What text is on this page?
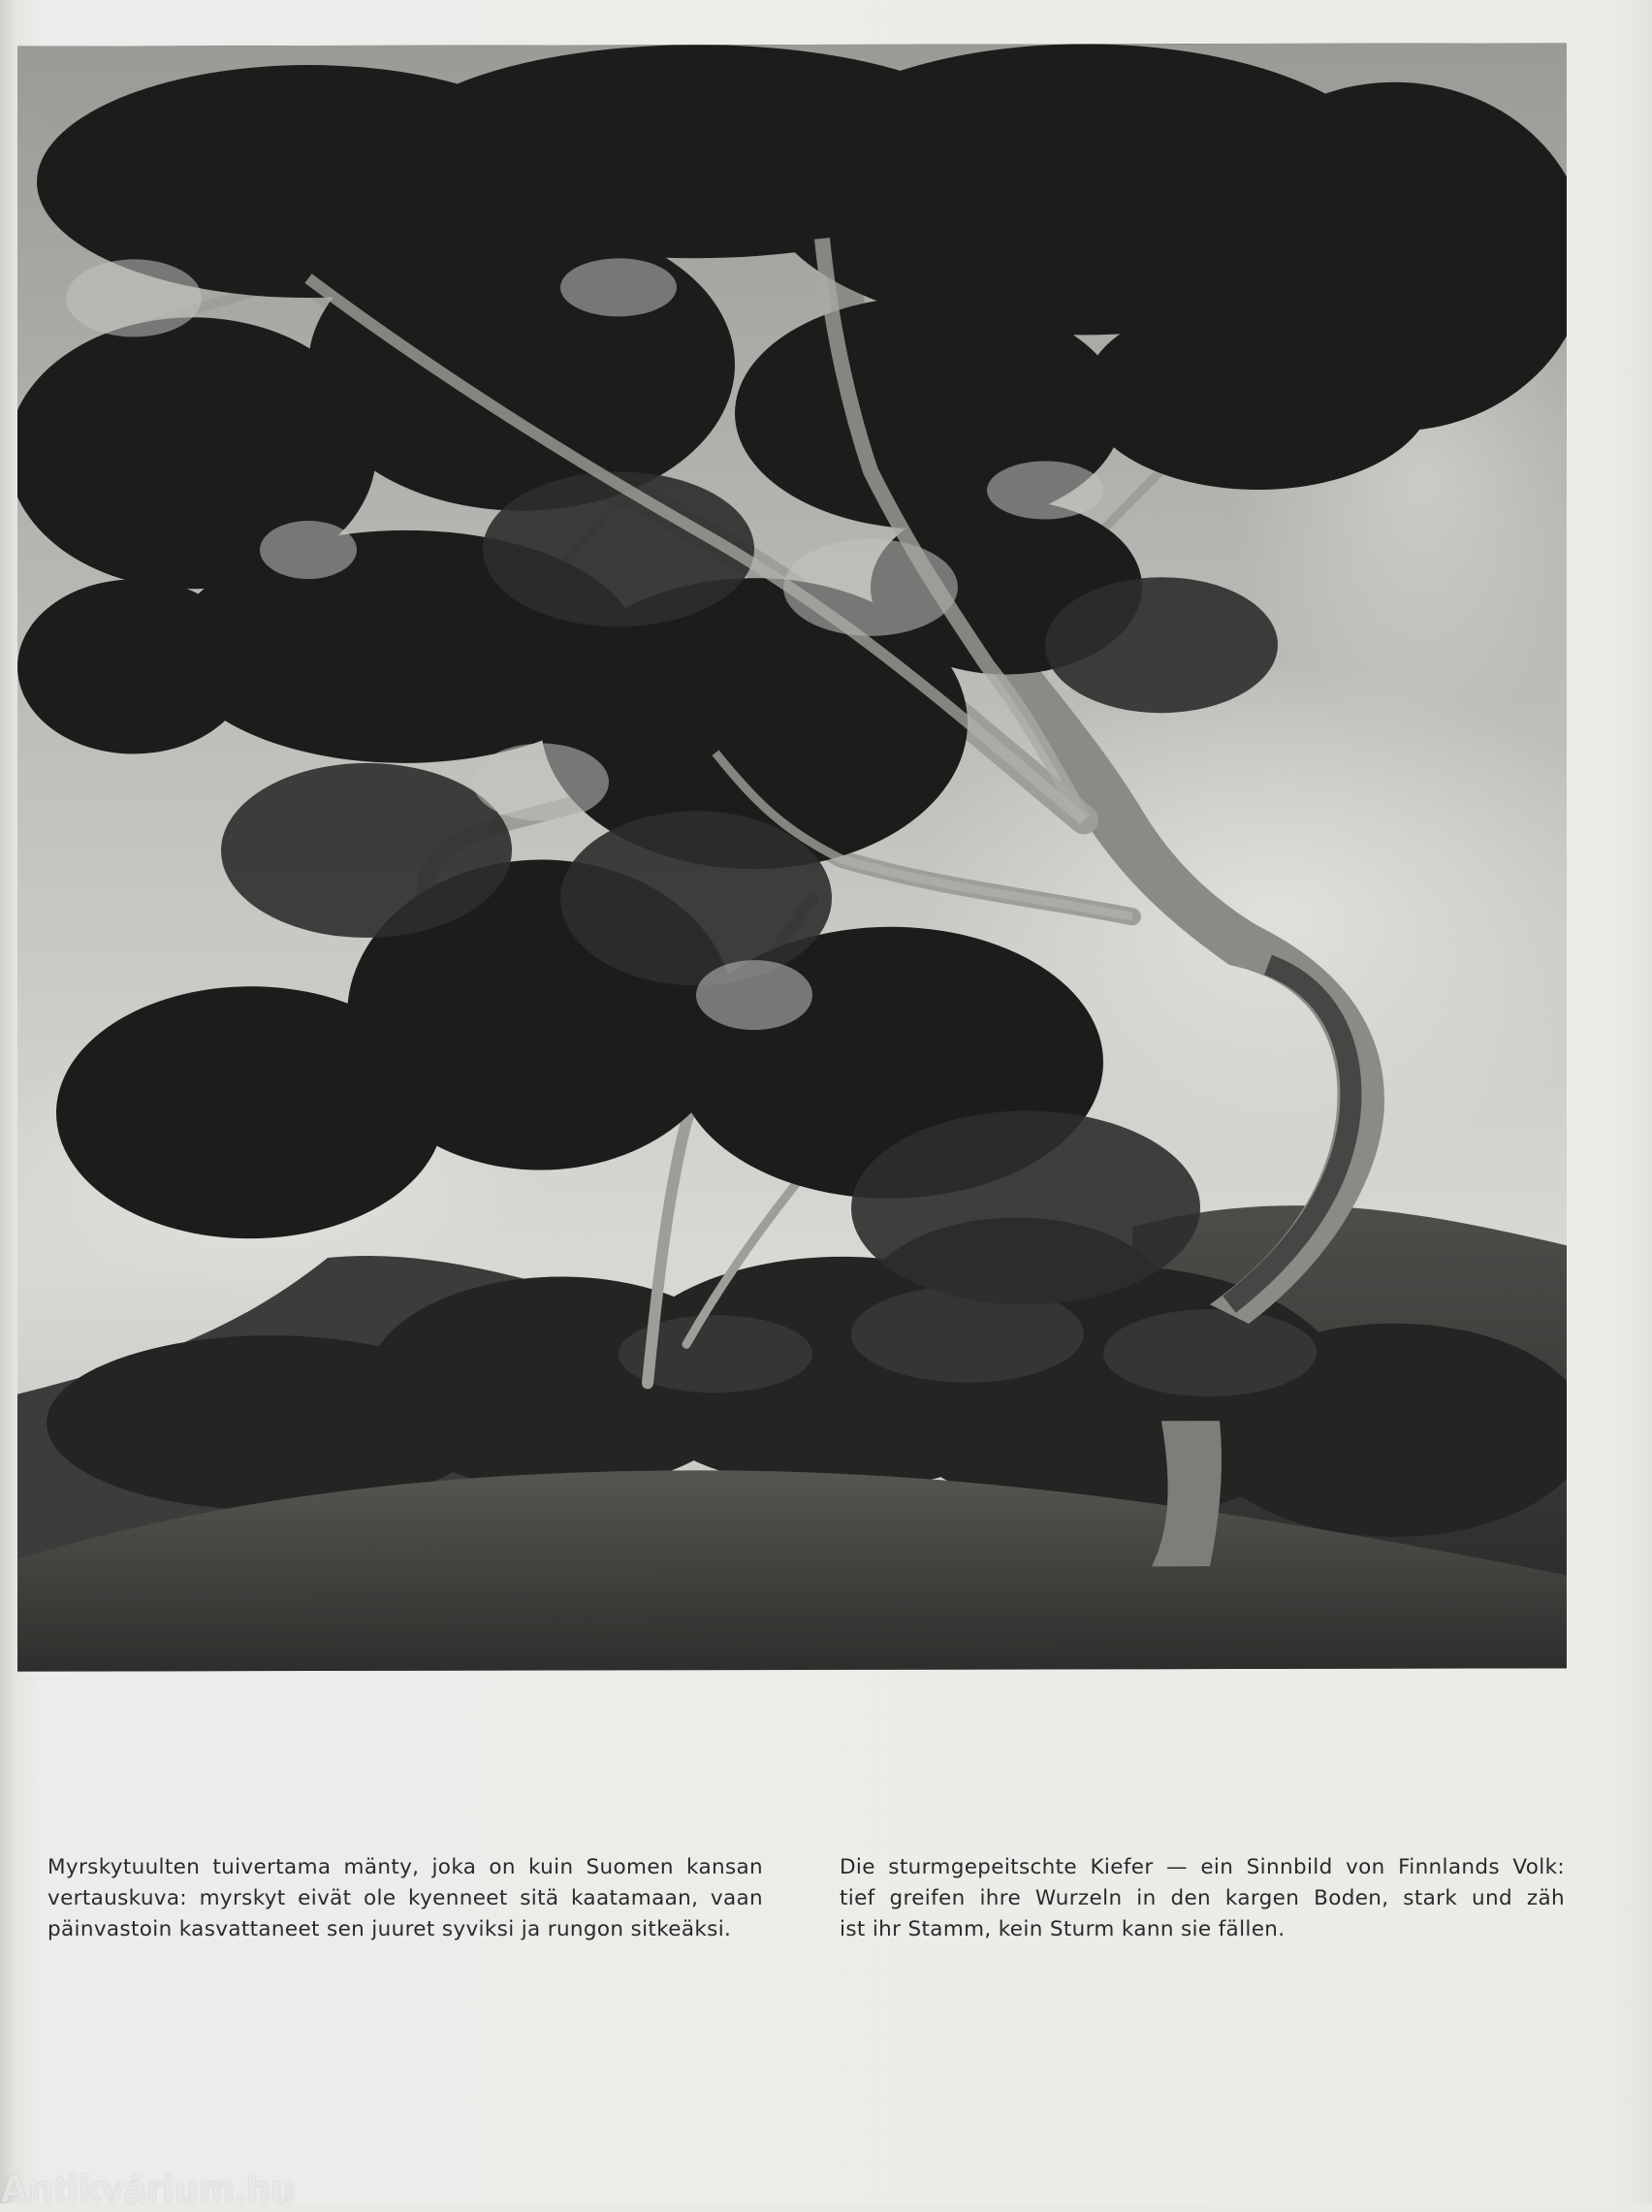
Myrskytuulten tuivertama mänty, joka on kuin Suomen kansan
vertauskuva: myrskyt eivät ole kyenneet sitä kaatamaan, vaan
päinvastoin kasvattaneet sen juuret syviksi ja rungon sitkeäksi.
Die sturmgepeitschte Kiefer — ein Sinnbild von Finnlands Volk:
tief greifen ihre Wurzeln in den kargen Boden, stark und zäh
ist ihr Stamm, kein Sturm kann sie fällen.
Antikvárium.hu
